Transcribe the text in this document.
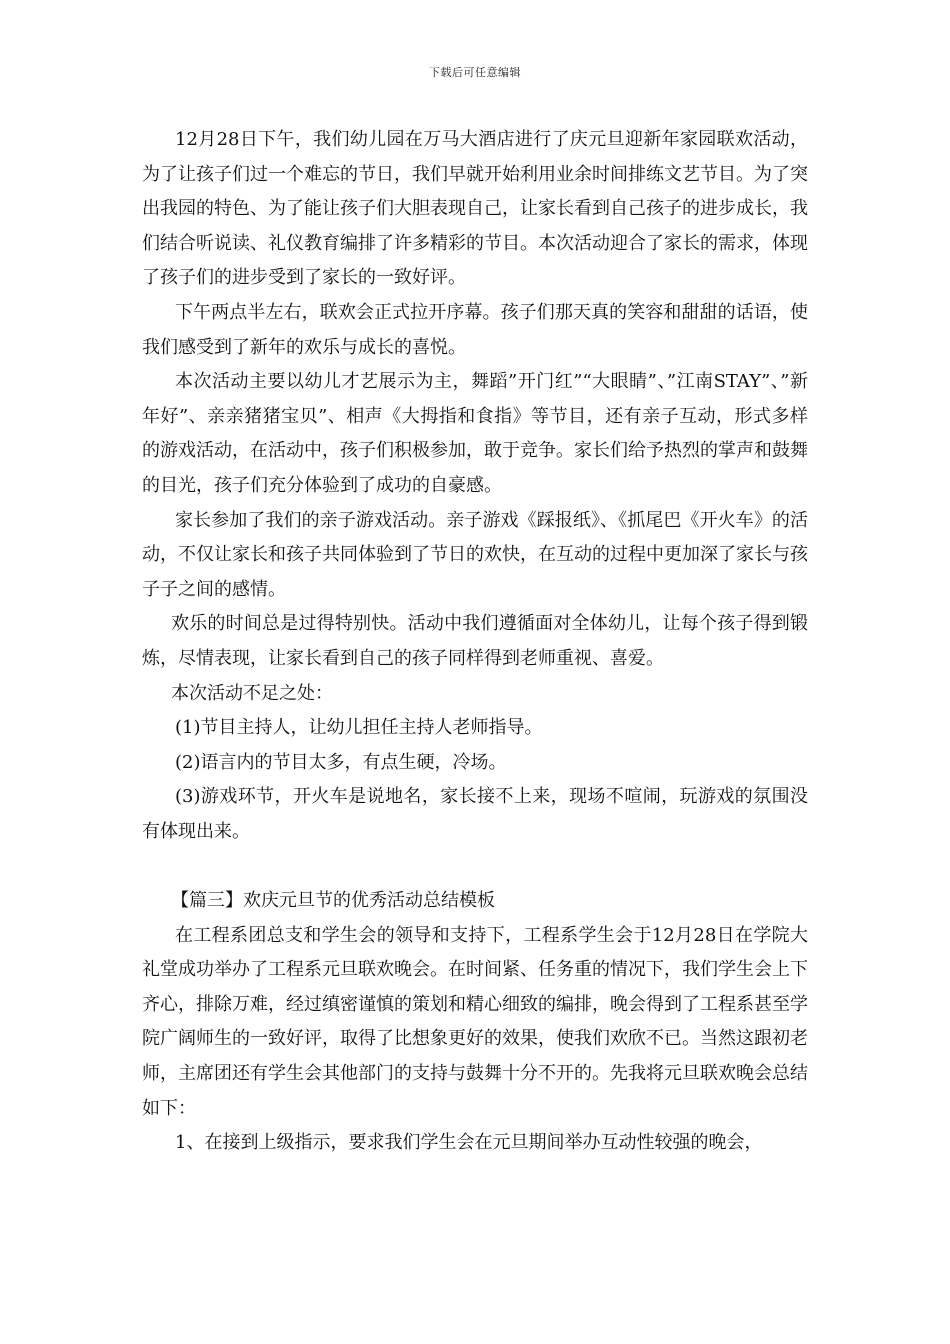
下载后可任意编辑

12月28日下午，我们幼儿园在万马大酒店进行了庆元旦迎新年家园联欢活动，为了让孩子们过一个难忘的节日，我们早就开始利用业余时间排练文艺节目。为了突出我园的特色、为了能让孩子们大胆表现自己，让家长看到自己孩子的进步成长，我们结合听说读、礼仪教育编排了许多精彩的节目。本次活动迎合了家长的需求，体现了孩子们的进步受到了家长的一致好评。

下午两点半左右，联欢会正式拉开序幕。孩子们那天真的笑容和甜甜的话语，使我们感受到了新年的欢乐与成长的喜悦。

本次活动主要以幼儿才艺展示为主，舞蹈”开门红”“大眼睛”、”江南STAY”、”新年好”、亲亲猪猪宝贝”、相声《大拇指和食指》等节目，还有亲子互动，形式多样的游戏活动，在活动中，孩子们积极参加，敢于竞争。家长们给予热烈的掌声和鼓舞的目光，孩子们充分体验到了成功的自豪感。

家长参加了我们的亲子游戏活动。亲子游戏《踩报纸》、《抓尾巴《开火车》的活动，不仅让家长和孩子共同体验到了节日的欢快，在互动的过程中更加深了家长与孩子子之间的感情。

欢乐的时间总是过得特别快。活动中我们遵循面对全体幼儿，让每个孩子得到锻炼，尽情表现，让家长看到自己的孩子同样得到老师重视、喜爱。

本次活动不足之处：

(1)节目主持人，让幼儿担任主持人老师指导。

(2)语言内的节目太多，有点生硬，冷场。

(3)游戏环节，开火车是说地名，家长接不上来，现场不喧闹，玩游戏的氛围没有体现出来。

【篇三】欢庆元旦节的优秀活动总结模板

在工程系团总支和学生会的领导和支持下，工程系学生会于12月28日在学院大礼堂成功举办了工程系元旦联欢晚会。在时间紧、任务重的情况下，我们学生会上下齐心，排除万难，经过缜密谨慎的策划和精心细致的编排，晚会得到了工程系甚至学院广阔师生的一致好评，取得了比想象更好的效果，使我们欢欣不已。当然这跟初老师，主席团还有学生会其他部门的支持与鼓舞十分不开的。先我将元旦联欢晚会总结如下：

1、在接到上级指示，要求我们学生会在元旦期间举办互动性较强的晚会，
